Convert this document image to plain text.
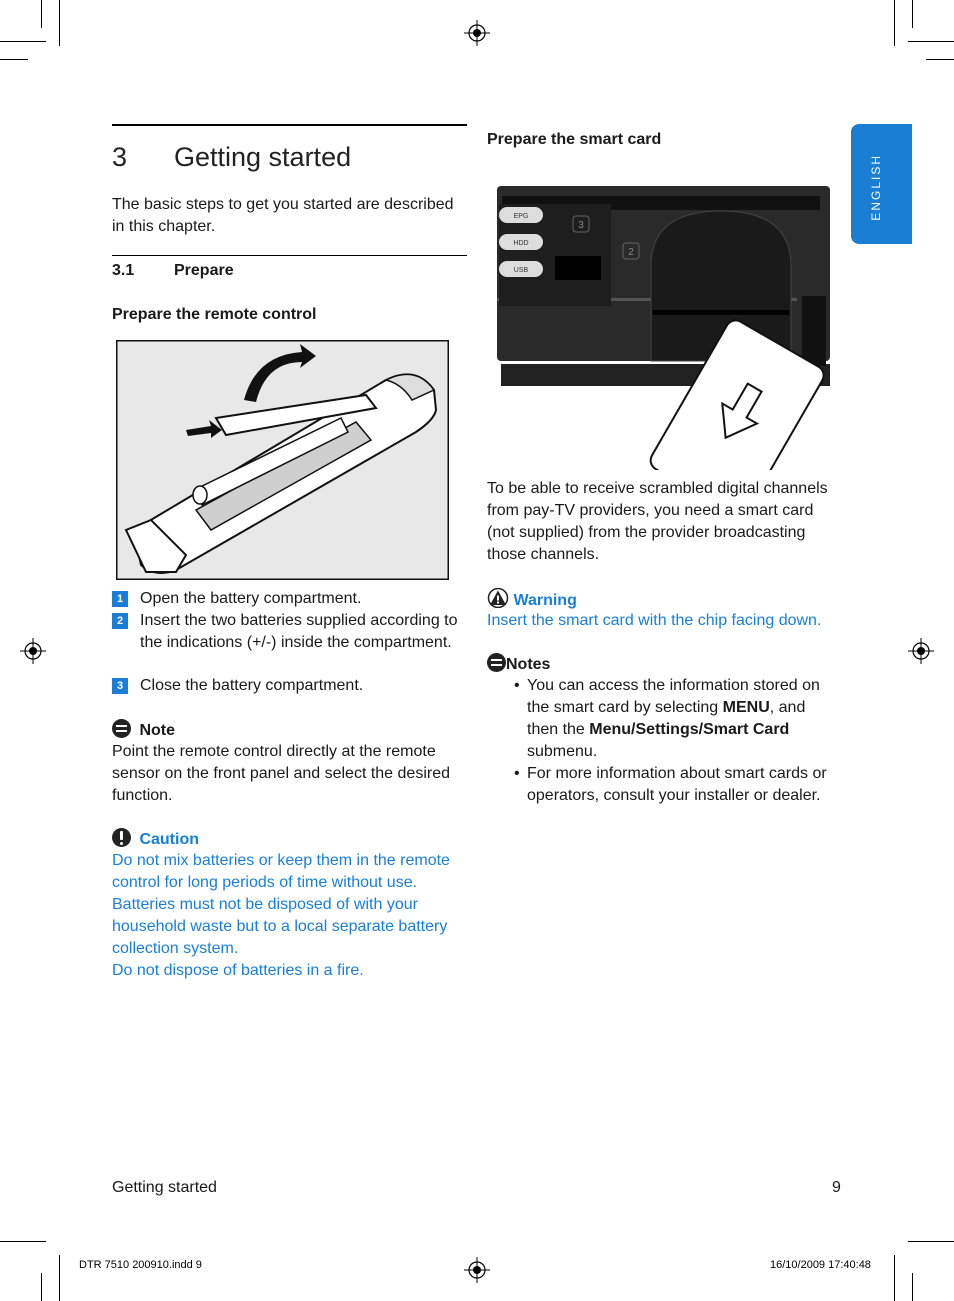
ENGLISH
3 Getting started
The basic steps to get you started are described in this chapter.
3.1 Prepare
Prepare the remote control
1	Open the battery compartment.
2	Insert the two batteries supplied according to the indications (+/-) inside the compartment.
3	Close the battery compartment.
Note
Point the remote control directly at the remote sensor on the front panel and select the desired function.
Caution
Do not mix batteries or keep them in the remote control for long periods of time without use.
Batteries must not be disposed of with your household waste but to a local separate battery collection system.
Do not dispose of batteries in a fire.
Prepare the smart card
EPG
HDD
USB
3
2
To be able to receive scrambled digital channels from pay-TV providers, you need a smart card (not supplied) from the provider broadcasting those channels.
Warning
Insert the smart card with the chip facing down.
Notes
• You can access the information stored on the smart card by selecting MENU, and then the Menu/Settings/Smart Card submenu.
• For more information about smart cards or operators, consult your installer or dealer.
Getting started	9
DTR 7510 200910.indd 9	16/10/2009 17:40:48
